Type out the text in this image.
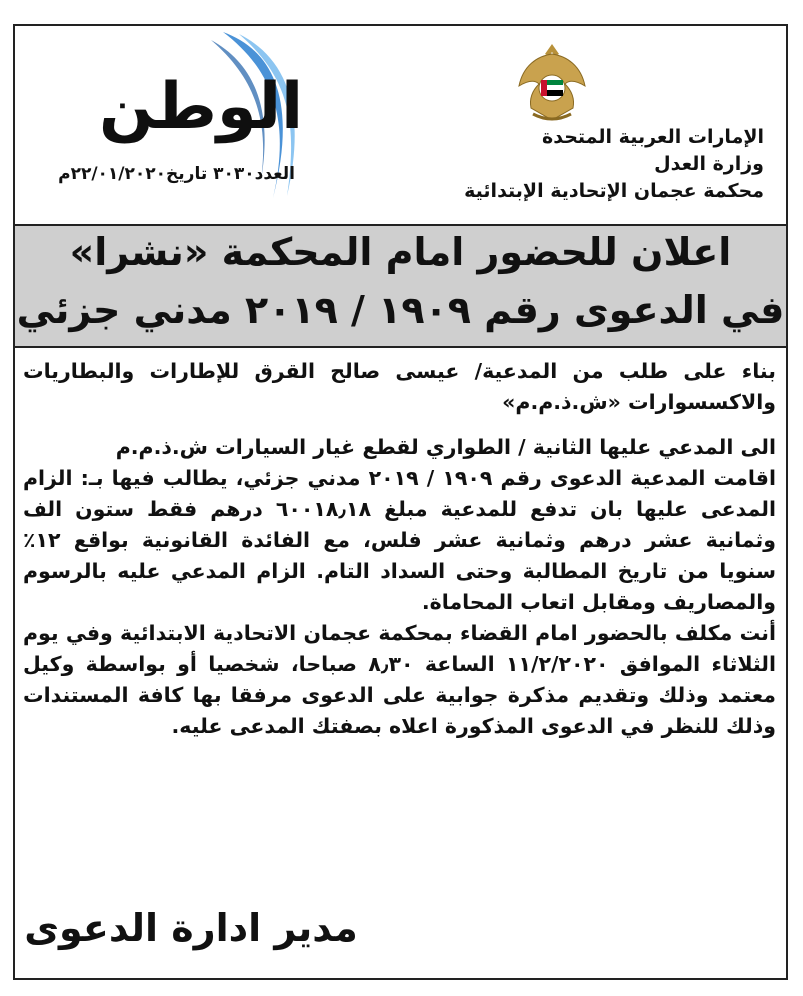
الإمارات العربية المتحدة
وزارة العدل
محكمة عجمان الإتحادية الإبتدائية
الوطن
العدد٣٠٣٠ تاريخ٢٢/٠١/٢٠٢٠م
اعلان للحضور امام المحكمة «نشرا»
في الدعوى رقم ١٩٠٩ / ٢٠١٩ مدني جزئي

بناء على طلب من المدعية/ عيسى صالح القرق للإطارات والبطاريات والاكسسوارات «ش.ذ.م.م»

الى المدعي عليها الثانية / الطواري لقطع غيار السيارات ش.ذ.م.م

اقامت المدعية الدعوى رقم ١٩٠٩ / ٢٠١٩ مدني جزئي، يطالب فيها بـ: الزام المدعى عليها بان تدفع للمدعية مبلغ ٦٠٠١٨٫١٨ درهم فقط ستون الف وثمانية عشر درهم وثمانية عشر فلس، مع الفائدة القانونية بواقع ١٢٪ سنويا من تاريخ المطالبة وحتى السداد التام. الزام المدعي عليه بالرسوم والمصاريف ومقابل اتعاب المحاماة.

أنت مكلف بالحضور امام القضاء بمحكمة عجمان الاتحادية الابتدائية وفي يوم الثلاثاء الموافق ١١/٢/٢٠٢٠ الساعة ٨٫٣٠ صباحا، شخصيا أو بواسطة وكيل معتمد وذلك وتقديم مذكرة جوابية على الدعوى مرفقا بها كافة المستندات وذلك للنظر في الدعوى المذكورة اعلاه بصفتك المدعى عليه.

مدير ادارة الدعوى
